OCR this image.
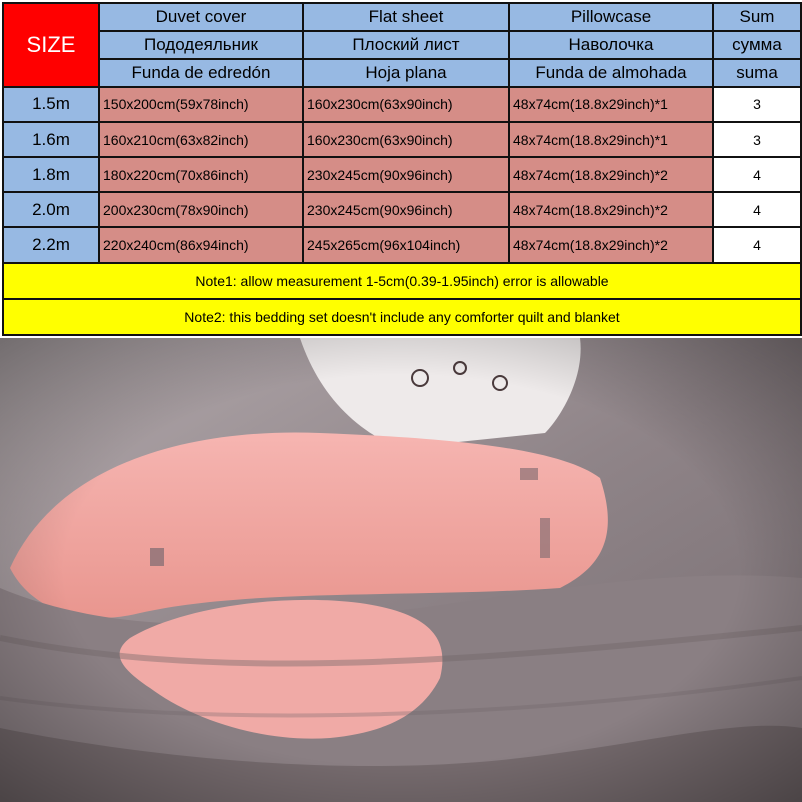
SIZE	Duvet cover	Flat sheet	Pillowcase	Sum
	Пододеяльник	Плоский лист	Наволочка	сумма
	Funda de edredón	Hoja plana	Funda de almohada	suma
1.5m	150x200cm(59x78inch)	160x230cm(63x90inch)	48x74cm(18.8x29inch)*1	3
1.6m	160x210cm(63x82inch)	160x230cm(63x90inch)	48x74cm(18.8x29inch)*1	3
1.8m	180x220cm(70x86inch)	230x245cm(90x96inch)	48x74cm(18.8x29inch)*2	4
2.0m	200x230cm(78x90inch)	230x245cm(90x96inch)	48x74cm(18.8x29inch)*2	4
2.2m	220x240cm(86x94inch)	245x265cm(96x104inch)	48x74cm(18.8x29inch)*2	4
Note1: allow measurement 1-5cm(0.39-1.95inch) error is allowable				
Note2: this bedding set doesn't include any comforter quilt and blanket				
